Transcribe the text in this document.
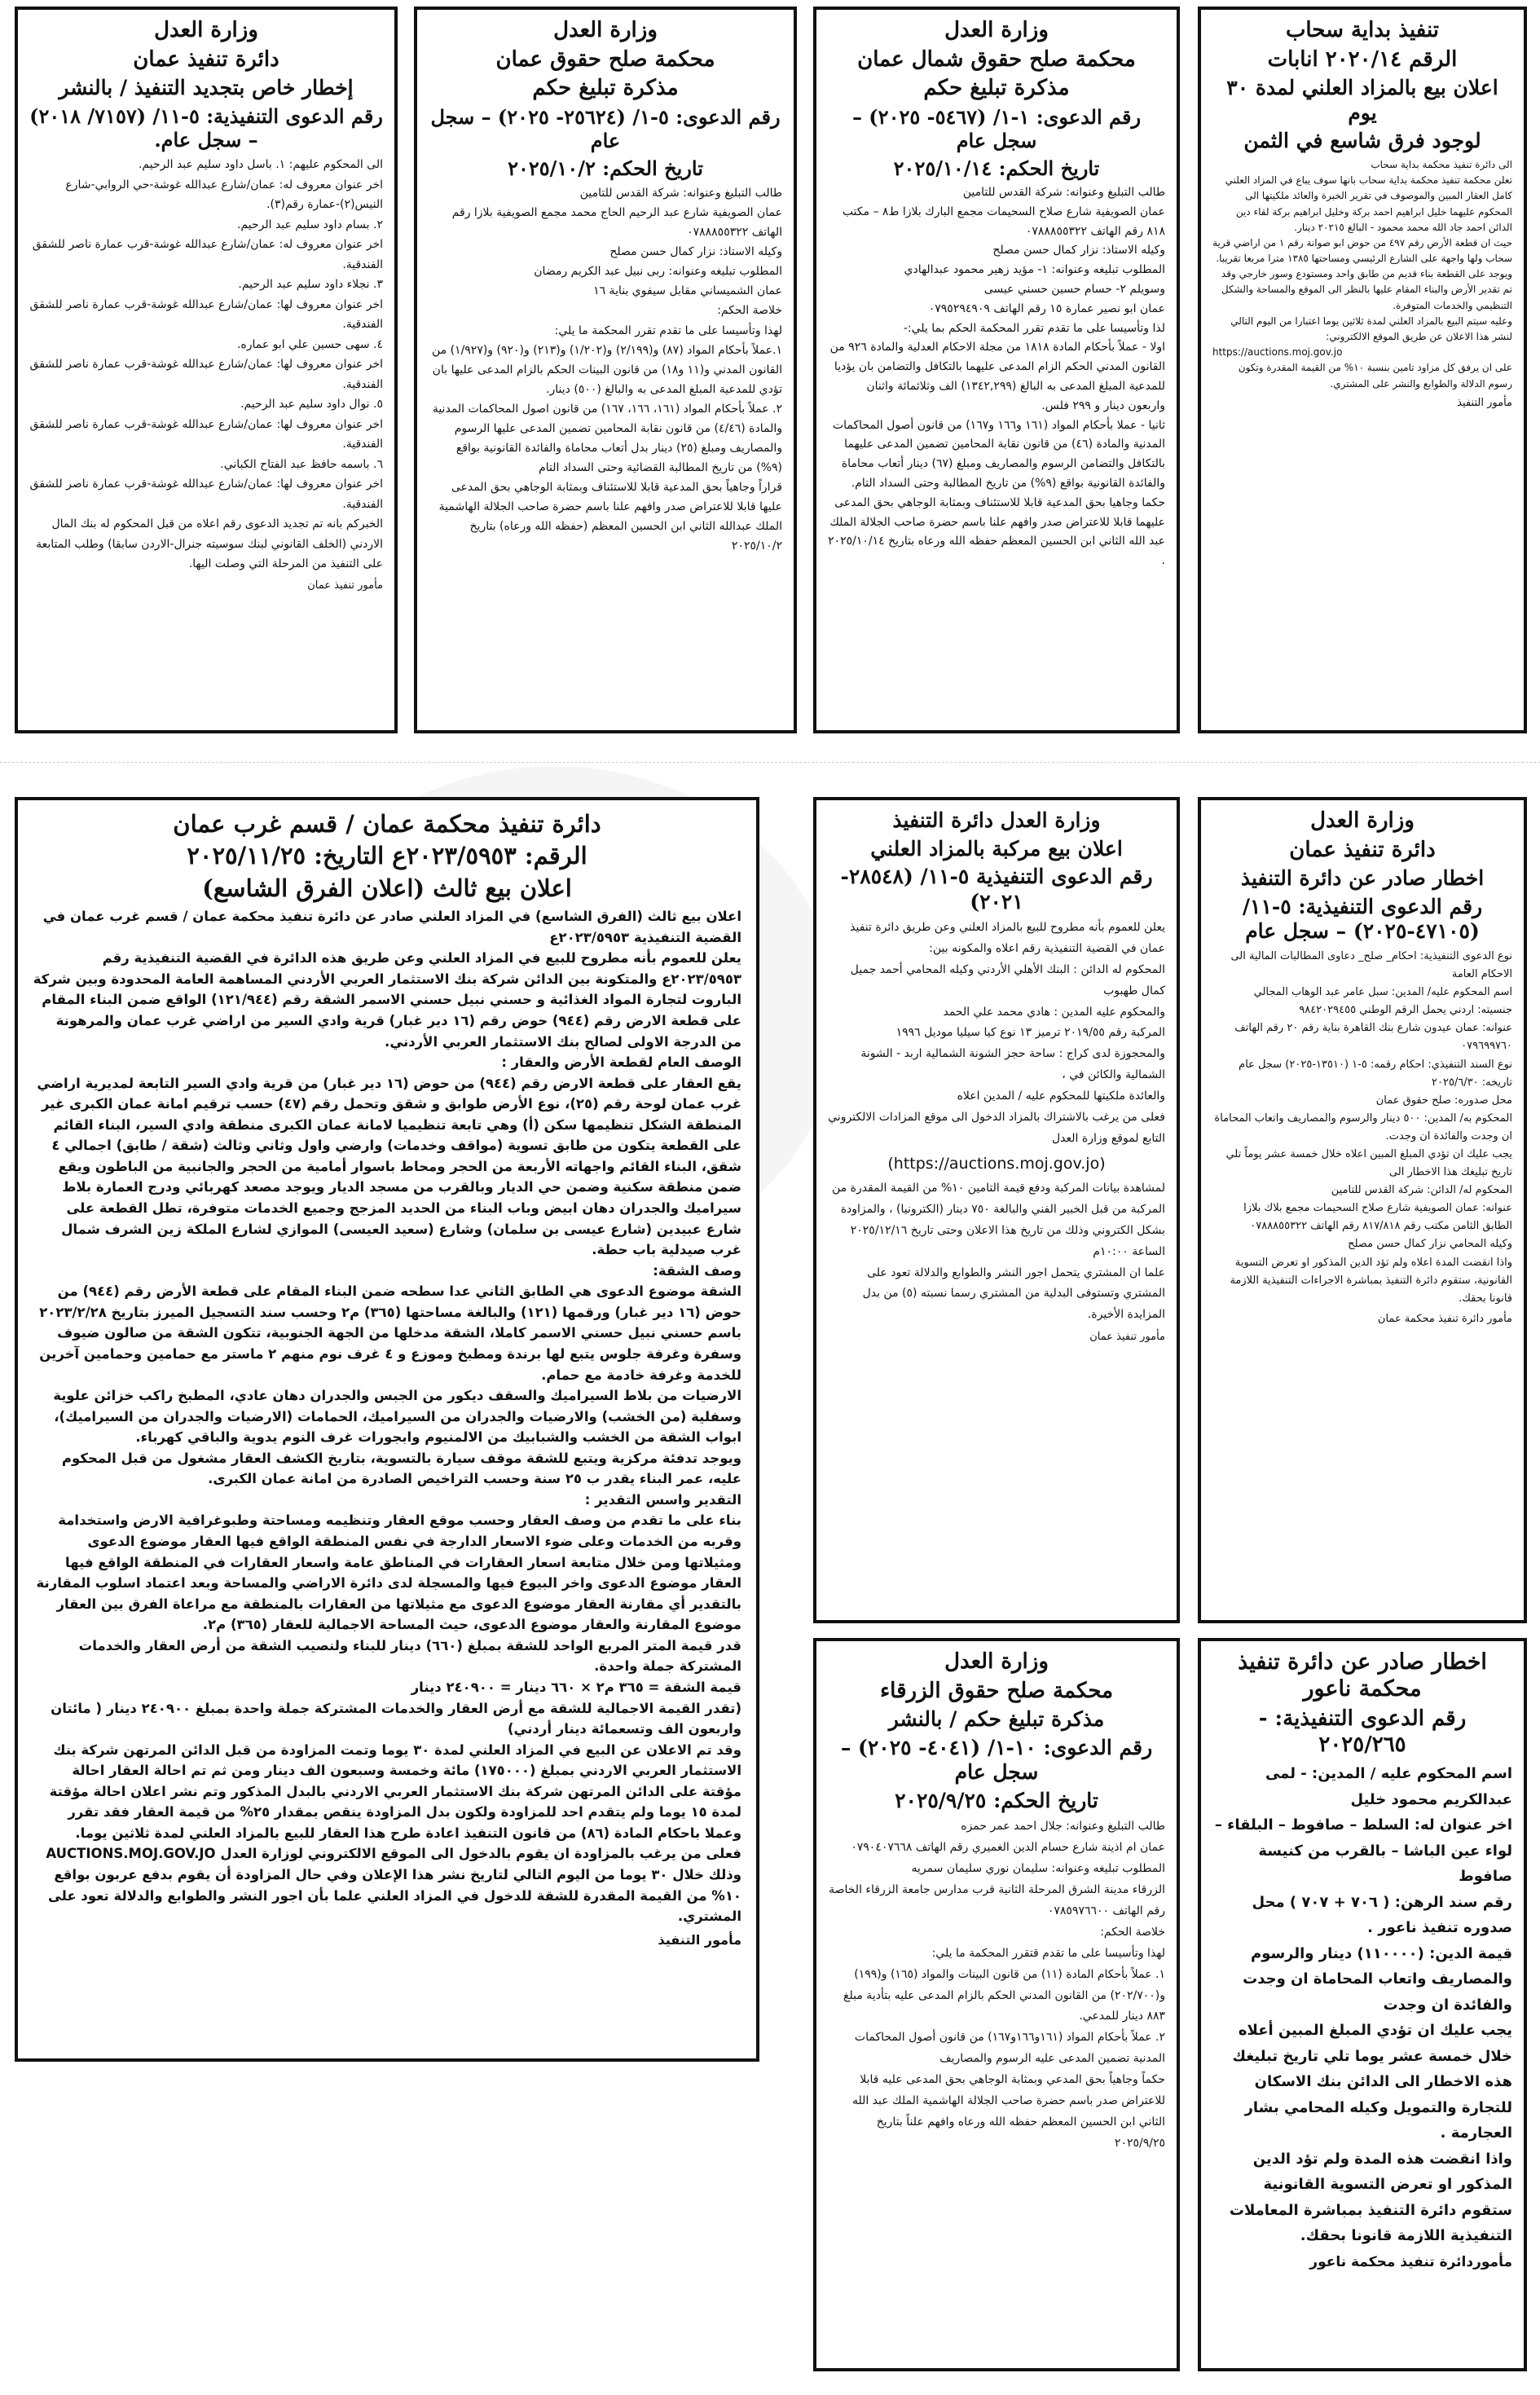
وزارة العدل
دائرة تنفيذ عمان
إخطار خاص بتجديد التنفيذ / بالنشر
رقم الدعوى التنفيذية: ٥-١١/ (٧١٥٧/ ٢٠١٨) – سجل عام.

الى المحكوم عليهم: ١. باسل داود سليم عبد الرحيم.

اخر عنوان معروف له: عمان/شارع عبدالله غوشة-حي الروابي-شارع النيس(٢)-عمارة رقم(٣).

٢. بسام داود سليم عبد الرحيم.

اخر عنوان معروف له: عمان/شارع عبدالله غوشة-قرب عمارة ناصر للشقق الفندقية.

٣. نجلاء داود سليم عبد الرحيم.

اخر عنوان معروف لها: عمان/شارع عبدالله غوشة-قرب عمارة ناصر للشقق الفندقية.

٤. سهى حسين علي ابو عماره.

اخر عنوان معروف لها: عمان/شارع عبدالله غوشة-قرب عمارة ناصر للشقق الفندقية.

٥. نوال داود سليم عبد الرحيم.

اخر عنوان معروف لها: عمان/شارع عبدالله غوشة-قرب عمارة ناصر للشقق الفندقية.

٦. باسمه حافظ عبد الفتاح الكباني.

اخر عنوان معروف لها: عمان/شارع عبدالله غوشة-قرب عمارة ناصر للشقق الفندقية.

الخبركم بانه تم تجديد الدعوى رقم اعلاه من قبل المحكوم له بنك المال الاردني (الخلف القانوني لبنك سوسيته جنرال-الاردن سابقا) وطلب المتابعة على التنفيذ من المرحلة التي وصلت اليها.

مأمور تنفيذ عمان
وزارة العدل
محكمة صلح حقوق عمان
مذكرة تبليغ حكم
رقم الدعوى: ٥-١/ (٢٥٦٢٤- ٢٠٢٥) – سجل عام
تاريخ الحكم: ٢٠٢٥/١٠/٢

طالب التبليغ وعنوانه: شركة القدس للتامين

عمان الصويفية شارع عبد الرحيم الحاج محمد مجمع الصويفية بلازا رقم الهاتف ٠٧٨٨٨٥٥٣٢٢

وكيله الاستاذ: نزار كمال حسن مصلح

المطلوب تبليغه وعنوانه: ربى نبيل عبد الكريم رمضان

عمان الشميساني مقابل سيفوي بناية ١٦

خلاصة الحكم:

لهذا وتأسيسا على ما تقدم تقرر المحكمة ما يلي:

١.عملاً بأحكام المواد (٨٧) و(٢/١٩٩) و(١/٢٠٢) و(٢١٣) و(٩٢٠) و(١/٩٢٧) من القانون المدني و(١١ و١٨) من قانون البينات الحكم بالزام المدعى عليها بان تؤدي للمدعية المبلغ المدعى به والبالغ (٥٠٠) دينار.

٢. عملاً بأحكام المواد (١٦١، ١٦٦، ١٦٧) من قانون اصول المحاكمات المدنية والمادة (٤/٤٦) من قانون نقابة المحامين تضمين المدعى عليها الرسوم والمصاريف ومبلغ (٢٥) دينار بدل أتعاب محاماة والفائدة القانونية بواقع (٩%) من تاريخ المطالبة القضائية وحتى السداد التام

قراراً وجاهياً بحق المدعية قابلا للاستئناف وبمثابة الوجاهي بحق المدعى عليها قابلا للاعتراض صدر وافهم علنا باسم حضرة صاحب الجلالة الهاشمية الملك عبدالله الثاني ابن الحسين المعظم (حفظه الله ورعاه) بتاريخ ٢٠٢٥/١٠/٢

وزارة العدل
محكمة صلح حقوق شمال عمان
مذكرة تبليغ حكم
رقم الدعوى: ١-١/ (٥٤٦٧- ٢٠٢٥) – سجل عام
تاريخ الحكم: ٢٠٢٥/١٠/١٤

طالب التبليغ وعنوانه: شركة القدس للتامين

عمان الصويفية شارع صلاح السحيمات مجمع البارك بلازا ط٨ – مكتب ٨١٨ رقم الهاتف ٠٧٨٨٨٥٥٣٢٢

وكيله الاستاذ: نزار كمال حسن مصلح

المطلوب تبليغه وعنوانه: ١- مؤيد زهير محمود عبدالهادي

وسويلم ٢- حسام حسين حسني عيسى

عمان ابو نصير عمارة ١٥ رقم الهاتف ٠٧٩٥٢٩٤٩٠٩

لذا وتأسيسا على ما تقدم تقرر المحكمة الحكم بما يلي:-

اولا - عملاً بأحكام المادة ١٨١٨ من مجلة الاحكام العدلية والمادة ٩٢٦ من القانون المدني الحكم الزام المدعى عليهما بالتكافل والتضامن بان يؤديا للمدعية المبلغ المدعى به البالغ (١٣٤٢,٢٩٩) الف وثلاثمائة واثنان واربعون دينار و ٢٩٩ فلس.

ثانيا - عملا بأحكام المواد (١٦١ و١٦٦ و١٦٧) من قانون أصول المحاكمات المدنية والمادة (٤٦) من قانون نقابة المحامين تضمين المدعى عليهما بالتكافل والتضامن الرسوم والمصاريف ومبلغ (٦٧) دينار أتعاب محاماة والفائدة القانونية بواقع (٩%) من تاريخ المطالبة وحتى السداد التام.

حكما وجاهيا بحق المدعية قابلا للاستئناف وبمثابة الوجاهي بحق المدعى عليهما قابلا للاعتراض صدر وافهم علنا باسم حضرة صاحب الجلالة الملك عبد الله الثاني ابن الحسين المعظم حفظه الله ورعاه بتاريخ ٢٠٢٥/١٠/١٤ .

تنفيذ بداية سحاب
الرقم ٢٠٢٠/١٤ انابات
اعلان بيع بالمزاد العلني لمدة ٣٠ يوم
لوجود فرق شاسع في الثمن

الى دائرة تنفيذ محكمة بداية سحاب

تعلن محكمة تنفيذ محكمة بداية سحاب بانها سوف يباع في المزاد العلني كامل العقار المبين والموصوف في تقرير الخبرة والعائد ملكيتها الى المحكوم عليهما خليل ابراهيم احمد بركة وخليل ابراهيم بركة لقاء دين الدائن احمد جاد الله محمد محمود - البالغ ٢٠٢١٥ دينار.

حيث ان قطعة الأرض رقم ٤٩٧ من حوض ابو صوانة رقم ١ من اراضي قرية سحاب ولها واجهة على الشارع الرئيسي ومساحتها ١٣٨٥ مترا مربعا تقريبا.

ويوجد على القطعة بناء قديم من طابق واحد ومستودع وسور خارجي وقد تم تقدير الأرض والبناء المقام عليها بالنظر الى الموقع والمساحة والشكل التنظيمي والخدمات المتوفرة.

وعليه سيتم البيع بالمزاد العلني لمدة ثلاثين يوما اعتبارا من اليوم التالي لنشر هذا الاعلان عن طريق الموقع الالكتروني:

https://auctions.moj.gov.jo

على ان يرفق كل مزاود تامين بنسبة ١٠% من القيمة المقدرة وتكون رسوم الدلالة والطوابع والنشر على المشتري.

مأمور التنفيذ
دائرة تنفيذ محكمة عمان / قسم غرب عمان
الرقم: ٢٠٢٣/٥٩٥٣ع التاريخ: ٢٠٢٥/١١/٢٥
اعلان بيع ثالث (اعلان الفرق الشاسع)

اعلان بيع ثالث (الفرق الشاسع) في المزاد العلني صادر عن دائرة تنفيذ محكمة عمان / قسم غرب عمان في القضية التنفيذية ٢٠٢٣/٥٩٥٣ع

يعلن للعموم بأنه مطروح للبيع في المزاد العلني وعن طريق هذه الدائرة في القضية التنفيذية رقم ٢٠٢٣/٥٩٥٣ع والمتكونة بين الدائن شركة بنك الاستثمار العربي الأردني المساهمة العامة المحدودة وبين شركة الباروت لتجارة المواد الغذائية و حسني نبيل حسني الاسمر الشقة رقم (١٢١/٩٤٤) الواقع ضمن البناء المقام على قطعة الارض رقم (٩٤٤) حوض رقم (١٦ دير غبار) قرية وادي السير من اراضي غرب عمان والمرهونة من الدرجة الاولى لصالح بنك الاستثمار العربي الأردني.

الوصف العام لقطعة الأرض والعقار :

يقع العقار على قطعة الارض رقم (٩٤٤) من حوض (١٦ دير غبار) من قرية وادي السير التابعة لمديرية اراضي غرب عمان لوحة رقم (٢٥)، نوع الأرض طوابق و شقق وتحمل رقم (٤٧) حسب ترقيم امانة عمان الكبرى غير المنطقة الشكل تنظيمها سكن (أ) وهي تابعة تنظيميا لامانة عمان الكبرى منطقة وادي السير، البناء القائم على القطعة يتكون من طابق تسوية (مواقف وخدمات) وارضي واول وثاني وثالث (شقة / طابق) اجمالي ٤ شقق، البناء القائم واجهاته الأربعة من الحجر ومحاط باسوار أمامية من الحجر والجانبية من الباطون ويقع ضمن منطقة سكنية وضمن حي الديار وبالقرب من مسجد الديار ويوجد مصعد كهربائي ودرج العمارة بلاط سيراميك والجدران دهان ابيض وباب البناء من الحديد المزجج وجميع الخدمات متوفرة، تطل القطعة على شارع عبيدين (شارع عيسى بن سلمان) وشارع (سعيد العيسى) الموازي لشارع الملكة زين الشرف شمال غرب صيدلية باب حطة.

وصف الشقة:

الشقة موضوع الدعوى هي الطابق الثاني عدا سطحه ضمن البناء المقام على قطعة الأرض رقم (٩٤٤) من حوض (١٦ دير غبار) ورقمها (١٢١) والبالغة مساحتها (٣٦٥) م٢ وحسب سند التسجيل الميرز بتاريخ ٢٠٢٣/٢/٢٨ باسم حسني نبيل حسني الاسمر كاملا، الشقة مدخلها من الجهة الجنوبية، تتكون الشقة من صالون ضيوف وسفرة وغرفة جلوس يتبع لها برندة ومطبخ وموزع و ٤ غرف نوم منهم ٢ ماستر مع حمامين وحمامين آخرين للخدمة وغرفة خادمة مع حمام.

الارضيات من بلاط السيراميك والسقف ديكور من الجبس والجدران دهان عادي، المطبخ راكب خزائن علوية وسفلية (من الخشب) والارضيات والجدران من السيراميك، الحمامات (الارضيات والجدران من السيراميك)، ابواب الشقة من الخشب والشبابيك من الالمنيوم وابجورات غرف النوم يدوية والباقي كهرباء.

ويوجد تدفئة مركزية ويتبع للشقة موقف سيارة بالتسوية، بتاريخ الكشف العقار مشغول من قبل المحكوم عليه، عمر البناء يقدر ب ٢٥ سنة وحسب التراخيص الصادرة من امانة عمان الكبرى.

التقدير واسس التقدير :

بناء على ما تقدم من وصف العقار وحسب موقع العقار وتنظيمه ومساحتة وطبوغرافية الارض واستخدامة وقربه من الخدمات وعلى ضوء الاسعار الدارجة في نفس المنطقة الواقع فيها العقار موضوع الدعوى ومثيلاتها ومن خلال متابعة اسعار العقارات في المناطق عامة واسعار العقارات في المنطقة الواقع فيها العقار موضوع الدعوى واخر البيوع فيها والمسجلة لدى دائرة الاراضي والمساحة وبعد اعتماد اسلوب المقارنة بالتقدير أي مقارنة العقار موضوع الدعوى مع مثيلاتها من العقارات بالمنطقة مع مراعاة الفرق بين العقار موضوع المقارنة والعقار موضوع الدعوى، حيث المساحة الاجمالية للعقار (٣٦٥) م٢.

قدر قيمة المتر المربع الواحد للشقة بمبلغ (٦٦٠) دينار للبناء ولنصيب الشقة من أرض العقار والخدمات المشتركة جملة واحدة.

قيمة الشقة = ٣٦٥ م٢ × ٦٦٠ دينار = ٢٤٠٩٠٠ دينار

(تقدر القيمة الاجمالية للشقة مع أرض العقار والخدمات المشتركة جملة واحدة بمبلغ ٢٤٠٩٠٠ دينار ( مائتان واربعون الف وتسعمائة دينار أردني)

وقد تم الاعلان عن البيع في المزاد العلني لمدة ٣٠ يوما وتمت المزاودة من قبل الدائن المرتهن شركة بنك الاستثمار العربي الاردني بمبلغ (١٧٥٠٠٠) مائة وخمسة وسبعون الف دينار ومن ثم تم احالة العقار احالة مؤقتة على الدائن المرتهن شركة بنك الاستثمار العربي الاردني بالبدل المذكور وتم نشر اعلان احالة مؤقتة لمدة ١٥ يوما ولم يتقدم احد للمزاودة ولكون بدل المزاودة ينقص بمقدار ٢٥% من قيمة العقار فقد تقرر وعملا باحكام المادة (٨٦) من قانون التنفيذ اعادة طرح هذا العقار للبيع بالمزاد العلني لمدة ثلاثين يوما.

فعلى من يرغب بالمزاودة ان يقوم بالدخول الى الموقع الالكتروني لوزارة العدل AUCTIONS.MOJ.GOV.JO وذلك خلال ٣٠ يوما من اليوم التالي لتاريخ نشر هذا الإعلان وفي حال المزاودة أن يقوم بدفع عربون بواقع ١٠% من القيمة المقدرة للشقة للدخول في المزاد العلني علما بأن اجور النشر والطوابع والدلالة تعود على المشتري.

مأمور التنفيذ
وزارة العدل دائرة التنفيذ
اعلان بيع مركبة بالمزاد العلني
رقم الدعوى التنفيذية ٥-١١/ (٢٨٥٤٨- ٢٠٢١)

يعلن للعموم بأنه مطروح للبيع بالمزاد العلني وعن طريق دائرة تنفيذ عمان في القضية التنفيذية رقم اعلاه والمكونه بين:

المحكوم له الدائن : البنك الأهلي الأردني وكيله المحامي أحمد جميل كمال طهبوب

والمحكوم عليه المدين : هادي محمد علي الحمد

المركبة رقم ٢٠١٩/٥٥ ترميز ١٣ نوع كيا سيليا موديل ١٩٩٦

والمحجوزة لدى كراج : ساحة حجز الشونة الشمالية اربد - الشونة الشمالية والكائن في ،

والعائدة ملكيتها للمحكوم عليه / المدين اعلاه

فعلى من يرغب بالاشتراك بالمزاد الدخول الى موقع المزادات الالكتروني التابع لموقع وزارة العدل

(https://auctions.moj.gov.jo)

لمشاهدة بيانات المركبة ودفع قيمة التامين ١٠% من القيمة المقدرة من المركبة من قبل الخبير الفني والبالغة ٧٥٠ دينار (الكترونيا) ، والمزاودة بشكل الكتروني وذلك من تاريخ هذا الاعلان وحتى تاريخ ٢٠٢٥/١٢/١٦ الساعة ١٠:٠٠م

علما ان المشتري يتحمل اجور النشر والطوابع والدلالة تعود على المشتري وتستوفى البدلية من المشتري رسما نسبته (٥) من بدل المزايدة الأخيرة.

مأمور تنفيذ عمان
وزارة العدل
دائرة تنفيذ عمان
اخطار صادر عن دائرة التنفيذ
رقم الدعوى التنفيذية: ٥-١١/ (٤٧١٠٥-٢٠٢٥) – سجل عام

نوع الدعوى التنفيذية: احكام_ صلح_ دعاوى المطالبات المالية الى الاحكام العامة

اسم المحكوم عليه/ المدين: سبل عامر عبد الوهاب المجالي

جنسيته: اردني يحمل الرقم الوطني ٩٨٤٢٠٢٩٤٥٥

عنوانه: عمان عيدون شارع بنك القاهرة بناية رقم ٢٠ رقم الهاتف ٠٧٩٦٩٩٧٦٠

نوع السند التنفيذي: احكام رقمه: ٥-١ (١٣٥١٠-٢٠٢٥) سجل عام

تاريخه: ٢٠٢٥/٦/٣٠

محل صدوره: صلح حقوق عمان

المحكوم به/ المدين: ٥٠٠ دينار والرسوم والمصاريف واتعاب المحاماة ان وجدت والفائدة ان وجدت.

يجب عليك ان تؤدي المبلغ المبين اعلاه خلال خمسة عشر يوماً تلي تاريخ تبليغك هذا الاخطار الى

المحكوم له/ الدائن: شركة القدس للتامين

عنوانه: عمان الصويفية شارع صلاح السحيمات مجمع بلاك بلازا الطابق الثامن مكتب رقم ٨١٧/٨١٨ رقم الهاتف ٠٧٨٨٨٥٥٣٢٢

وكيله المحامي نزار كمال حسن مصلح

واذا انقضت المدة اعلاه ولم تؤد الدين المذكور او تعرض التسوية القانونية، ستقوم دائرة التنفيذ بمباشرة الاجراءات التنفيذية اللازمة قانونا بحقك.

مأمور دائرة تنفيذ محكمة عمان
وزارة العدل
محكمة صلح حقوق الزرقاء
مذكرة تبليغ حكم / بالنشر
رقم الدعوى: ١٠-١/ (٤٠٤١- ٢٠٢٥) – سجل عام
تاريخ الحكم: ٢٠٢٥/٩/٢٥

طالب التبليغ وعنوانه: جلال احمد عمر حمزه

عمان ام اذينة شارع حسام الدين الغميري رقم الهاتف ٠٧٩٠٤٠٧٦٦٨

المطلوب تبليغه وعنوانه: سليمان نوري سليمان سمريه

الزرقاء مدينة الشرق المرحلة الثانية قرب مدارس جامعة الزرقاء الخاصة رقم الهاتف ٠٧٨٥٩٧٦٦٠٠

خلاصة الحكم:

لهذا وتأسيسا على ما تقدم قتقرر المحكمة ما يلي:

١. عملاً بأحكام المادة (١١) من قانون البينات والمواد (١٦٥) و(١٩٩) و(٢٠٢/٧٠٠) من القانون المدني الحكم بالزام المدعى عليه بتأدية مبلغ ٨٨٣ دينار للمدعي.

٢. عملاً بأحكام المواد (١٦١و١٦٦و١٦٧) من قانون أصول المحاكمات المدنية تضمين المدعى عليه الرسوم والمصاريف

حكماً وجاهياً بحق المدعي وبمثابة الوجاهي بحق المدعى عليه قابلا للاعتراض صدر باسم حضرة صاحب الجلالة الهاشمية الملك عبد الله الثاني ابن الحسين المعظم حفظه الله ورعاه وافهم علناً بتاريخ ٢٠٢٥/٩/٢٥

اخطار صادر عن دائرة تنفيذ محكمة ناعور
رقم الدعوى التنفيذية: - ٢٠٢٥/٢٦٥

اسم المحكوم عليه / المدين: - لمى عبدالكريم محمود خليل

اخر عنوان له: السلط – صافوط – البلقاء – لواء عين الباشا – بالقرب من كنيسة صافوط

رقم سند الرهن: ( ٧٠٦ + ٧٠٧ ) محل صدوره تنفيذ ناعور .

قيمة الدين: (١١٠٠٠٠) دينار والرسوم والمصاريف واتعاب المحاماة ان وجدت والفائدة ان وجدت

يجب عليك ان تؤدي المبلغ المبين أعلاه خلال خمسة عشر يوما تلي تاريخ تبليغك هذه الاخطار الى الدائن بنك الاسكان للتجارة والتمويل وكيله المحامي بشار العجارمة .

واذا انقضت هذه المدة ولم تؤد الدين المذكور او تعرض التسوية القانونية ستقوم دائرة التنفيذ بمباشرة المعاملات التنفيذية اللازمة قانونا بحقك.

مأموردائرة تنفيذ محكمة ناعور
